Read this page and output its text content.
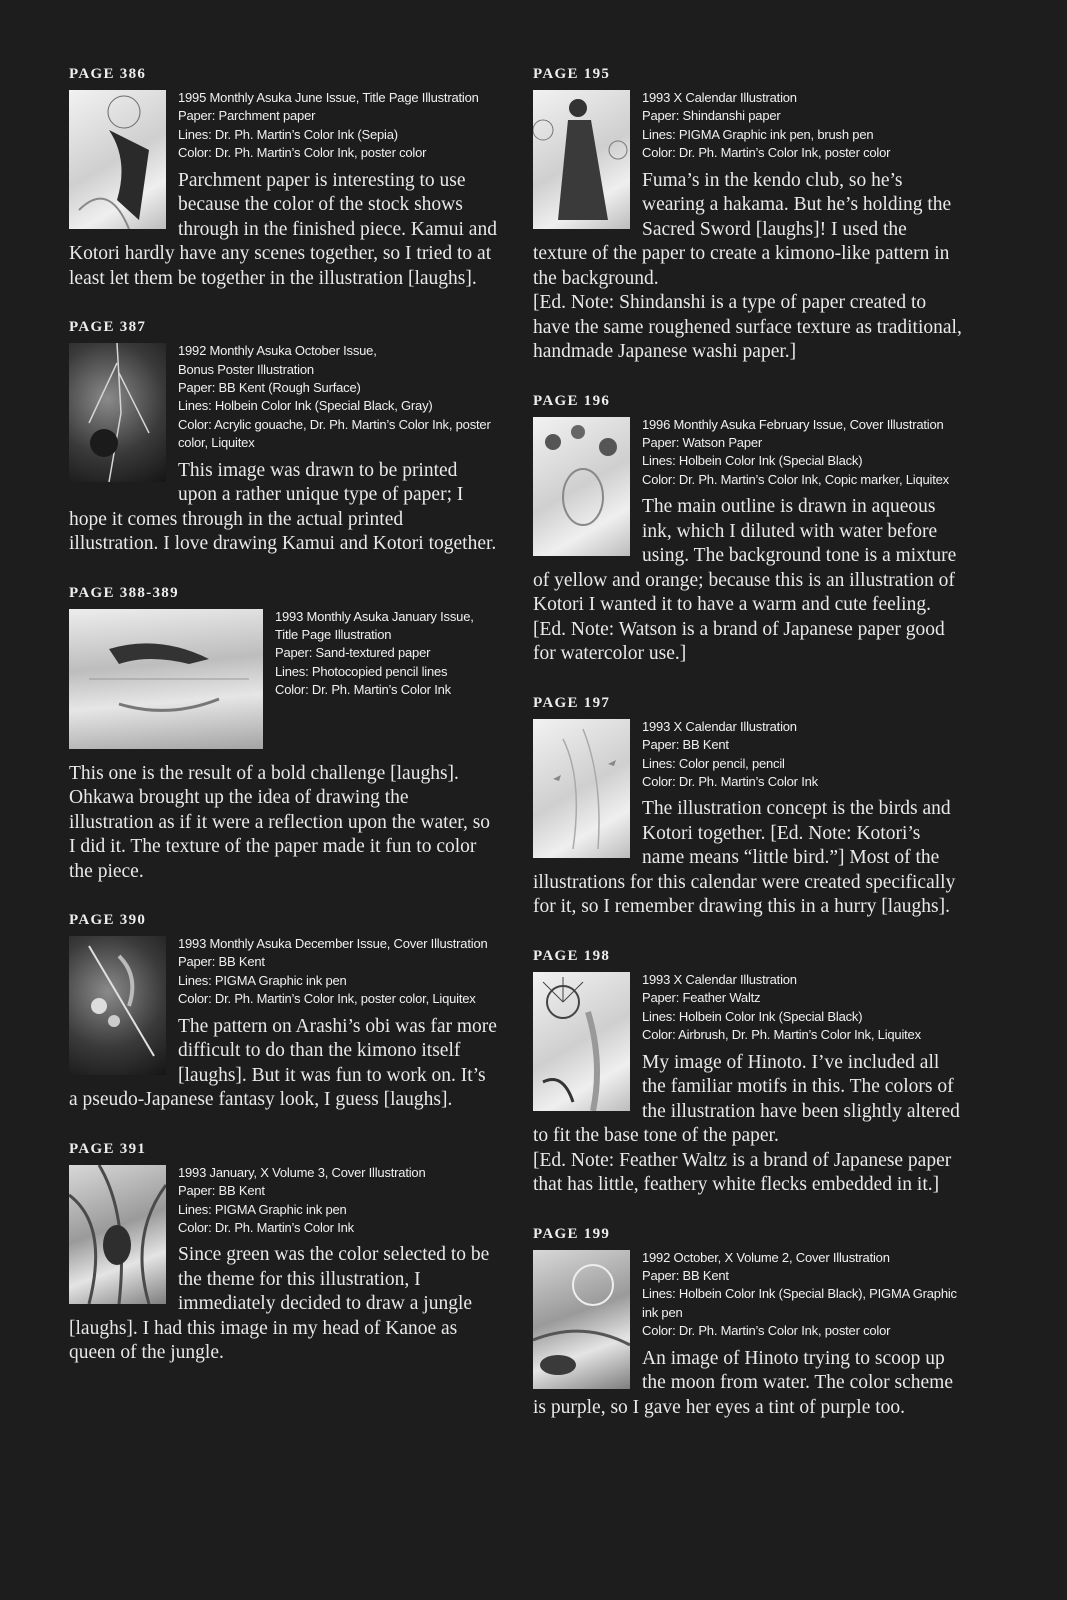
PAGE 386
1995 Monthly Asuka June Issue, Title Page Illustration
Paper: Parchment paper
Lines: Dr. Ph. Martin’s Color Ink (Sepia)
Color: Dr. Ph. Martin’s Color Ink, poster color

Parchment paper is interesting to use because the color of the stock shows through in the finished piece. Kamui and Kotori hardly have any scenes together, so I tried to at least let them be together in the illustration [laughs].

PAGE 387
1992 Monthly Asuka October Issue,
Bonus Poster Illustration
Paper: BB Kent (Rough Surface)
Lines: Holbein Color Ink (Special Black, Gray)
Color: Acrylic gouache, Dr. Ph. Martin’s Color Ink, poster color, Liquitex

This image was drawn to be printed upon a rather unique type of paper; I hope it comes through in the actual printed illustration. I love drawing Kamui and Kotori together.

PAGE 388-389
1993 Monthly Asuka January Issue,
Title Page Illustration
Paper: Sand-textured paper
Lines: Photocopied pencil lines
Color: Dr. Ph. Martin’s Color Ink

This one is the result of a bold challenge [laughs]. Ohkawa brought up the idea of drawing the illustration as if it were a reflection upon the water, so I did it. The texture of the paper made it fun to color the piece.

PAGE 390
1993 Monthly Asuka December Issue, Cover Illustration
Paper: BB Kent
Lines: PIGMA Graphic ink pen
Color: Dr. Ph. Martin’s Color Ink, poster color, Liquitex

The pattern on Arashi’s obi was far more difficult to do than the kimono itself [laughs]. But it was fun to work on. It’s a pseudo-Japanese fantasy look, I guess [laughs].

PAGE 391
1993 January, X Volume 3, Cover Illustration
Paper: BB Kent
Lines: PIGMA Graphic ink pen
Color: Dr. Ph. Martin’s Color Ink

Since green was the color selected to be the theme for this illustration, I immediately decided to draw a jungle [laughs]. I had this image in my head of Kanoe as queen of the jungle.

PAGE 195
1993 X Calendar Illustration
Paper: Shindanshi paper
Lines: PIGMA Graphic ink pen, brush pen
Color: Dr. Ph. Martin’s Color Ink, poster color

Fuma’s in the kendo club, so he’s wearing a hakama. But he’s holding the Sacred Sword [laughs]! I used the texture of the paper to create a kimono-like pattern in the background.

[Ed. Note: Shindanshi is a type of paper created to have the same roughened surface texture as traditional, handmade Japanese washi paper.]

PAGE 196
1996 Monthly Asuka February Issue, Cover Illustration
Paper: Watson Paper
Lines: Holbein Color Ink (Special Black)
Color: Dr. Ph. Martin’s Color Ink, Copic marker, Liquitex

The main outline is drawn in aqueous ink, which I diluted with water before using. The background tone is a mixture of yellow and orange; because this is an illustration of Kotori I wanted it to have a warm and cute feeling.

[Ed. Note: Watson is a brand of Japanese paper good for watercolor use.]

PAGE 197
1993 X Calendar Illustration
Paper: BB Kent
Lines: Color pencil, pencil
Color: Dr. Ph. Martin’s Color Ink

The illustration concept is the birds and Kotori together. [Ed. Note: Kotori’s name means “little bird.”] Most of the illustrations for this calendar were created specifically for it, so I remember drawing this in a hurry [laughs].

PAGE 198
1993 X Calendar Illustration
Paper: Feather Waltz
Lines: Holbein Color Ink (Special Black)
Color: Airbrush, Dr. Ph. Martin’s Color Ink, Liquitex

My image of Hinoto. I’ve included all the familiar motifs in this. The colors of the illustration have been slightly altered to fit the base tone of the paper.

[Ed. Note: Feather Waltz is a brand of Japanese paper that has little, feathery white flecks embedded in it.]

PAGE 199
1992 October, X Volume 2, Cover Illustration
Paper: BB Kent
Lines: Holbein Color Ink (Special Black), PIGMA Graphic ink pen
Color: Dr. Ph. Martin’s Color Ink, poster color

An image of Hinoto trying to scoop up the moon from water. The color scheme is purple, so I gave her eyes a tint of purple too.
